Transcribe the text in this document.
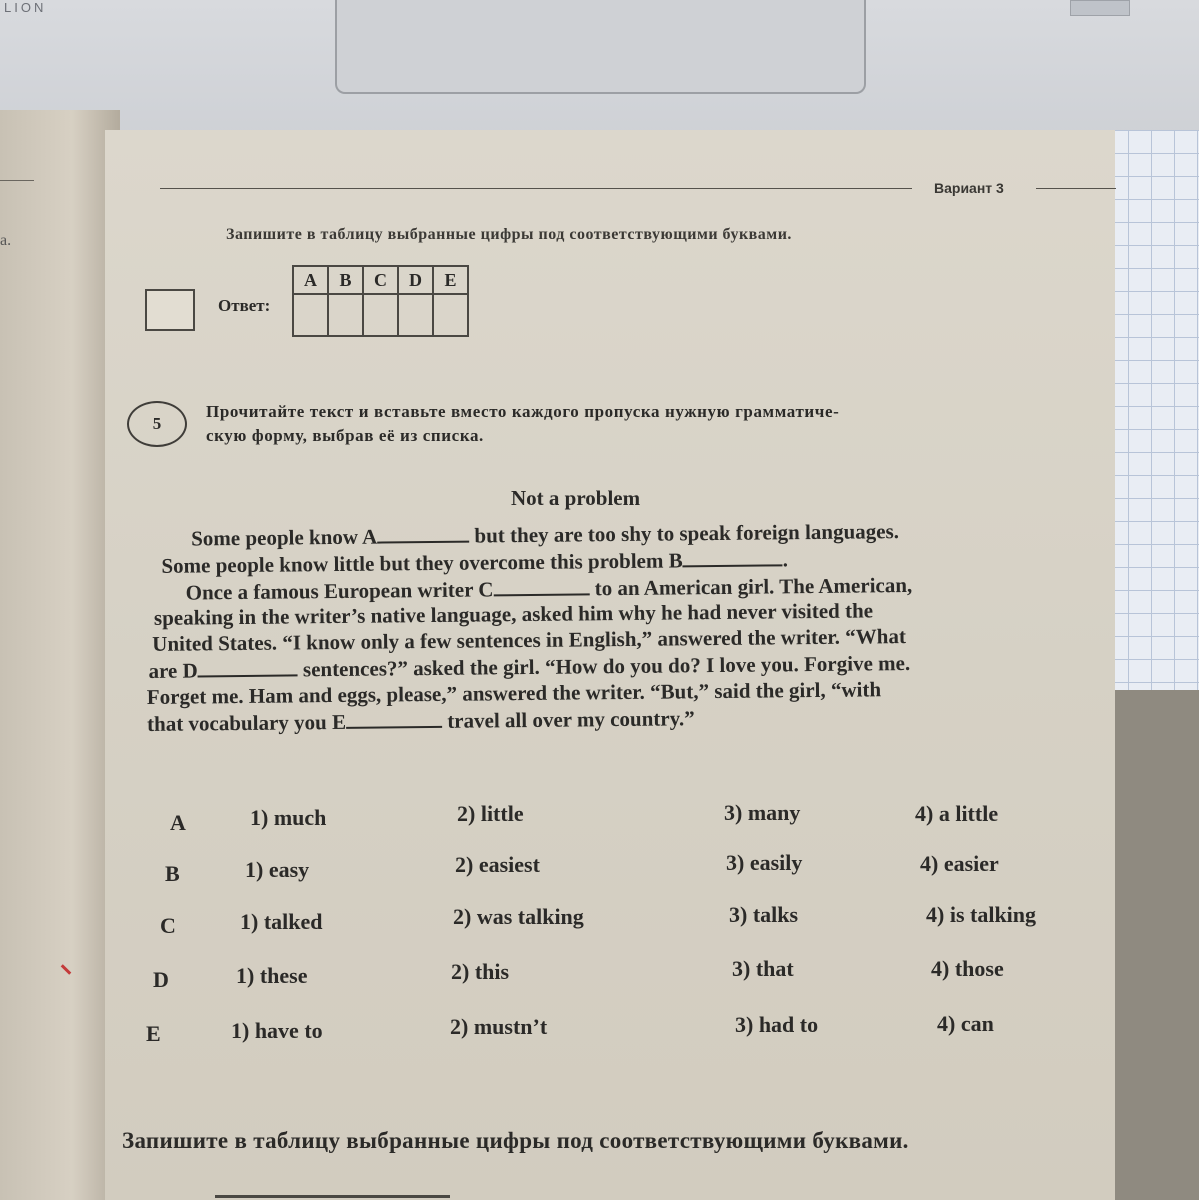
LION
а.
Вариант 3
Запишите в таблицу выбранные цифры под соответствующими буквами.
Ответ:
A	B	C	D	E

5
Прочитайте текст и вставьте вместо каждого пропуска нужную грамматиче-
скую форму, выбрав её из списка.
Not a problem

Some people know A	but they are too shy to speak foreign languages.

Some people know little but they overcome this problem B	.

Once a famous European writer C	to an American girl. The American,

speaking in the writer’s native language, asked him why he had never visited the

United States. “I know only a few sentences in English,” answered the writer. “What

are D	sentences?” asked the girl. “How do you do? I love you. Forgive me.

Forget me. Ham and eggs, please,” answered the writer. “But,” said the girl, “with

that vocabulary you E	travel all over my country.”

A	1) much	2) little	3) many	4) a little
B	1) easy	2) easiest	3) easily	4) easier
C	1) talked	2) was talking	3) talks	4) is talking
D	1) these	2) this	3) that	4) those
E	1) have to	2) mustn’t	3) had to	4) can
Запишите в таблицу выбранные цифры под соответствующими буквами.
